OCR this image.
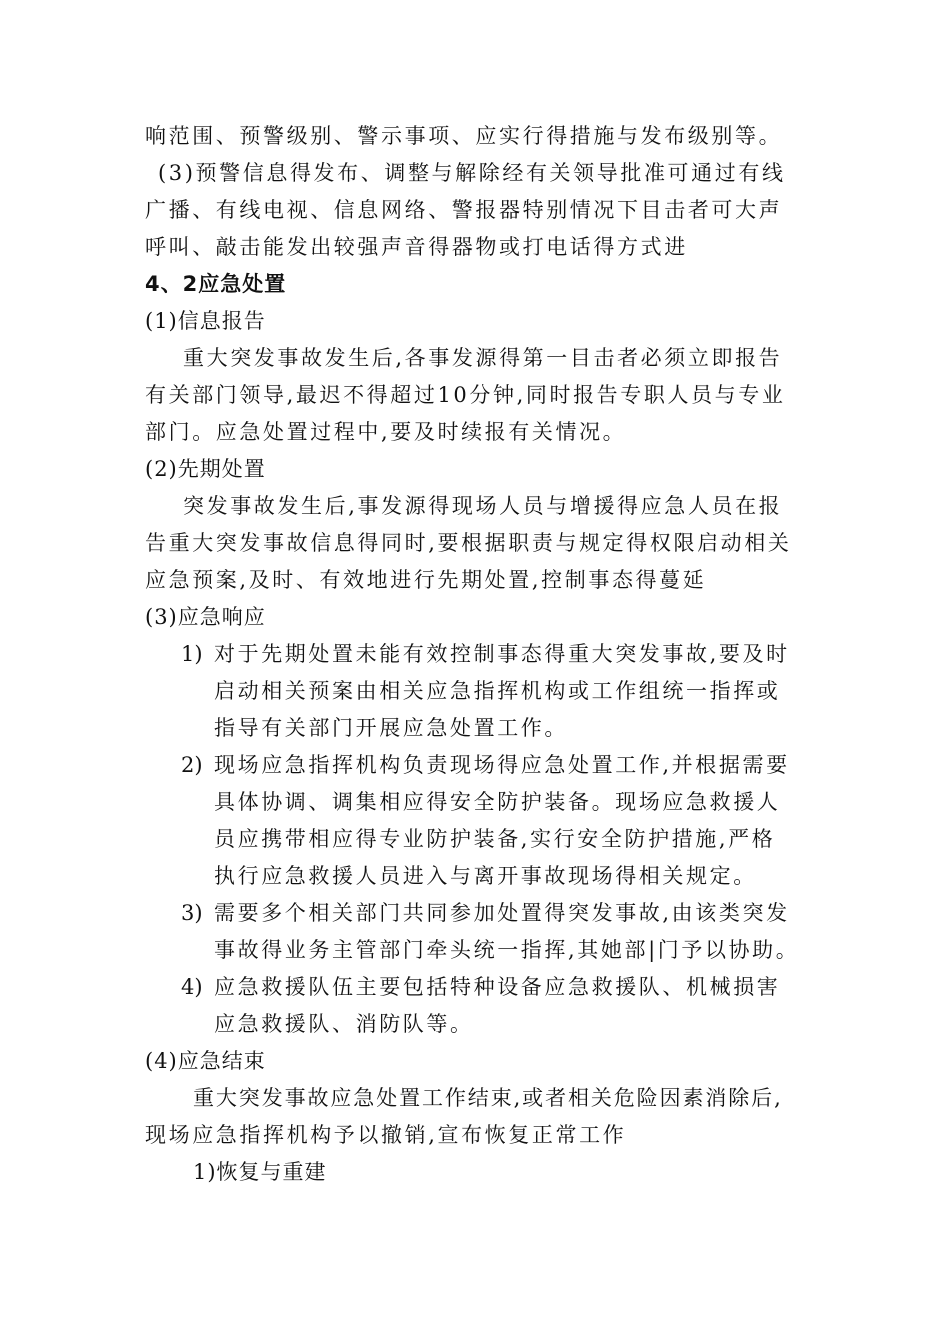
响范围、预警级别、警示事项、应实行得措施与发布级别等。
(3)预警信息得发布、调整与解除经有关领导批准可通过有线
广播、有线电视、信息网络、警报器特别情况下目击者可大声
呼叫、敲击能发出较强声音得器物或打电话得方式进
4、2应急处置
(1)信息报告
重大突发事故发生后,各事发源得第一目击者必须立即报告
有关部门领导,最迟不得超过10分钟,同时报告专职人员与专业
部门。应急处置过程中,要及时续报有关情况。
(2)先期处置
突发事故发生后,事发源得现场人员与增援得应急人员在报
告重大突发事故信息得同时,要根据职责与规定得权限启动相关
应急预案,及时、有效地进行先期处置,控制事态得蔓延
(3)应急响应
1) 对于先期处置未能有效控制事态得重大突发事故,要及时
启动相关预案由相关应急指挥机构或工作组统一指挥或
指导有关部门开展应急处置工作。
2) 现场应急指挥机构负责现场得应急处置工作,并根据需要
具体协调、调集相应得安全防护装备。现场应急救援人
员应携带相应得专业防护装备,实行安全防护措施,严格
执行应急救援人员进入与离开事故现场得相关规定。
3) 需要多个相关部门共同参加处置得突发事故,由该类突发
事故得业务主管部门牵头统一指挥,其她部|门予以协助。
4) 应急救援队伍主要包括特种设备应急救援队、机械损害
应急救援队、消防队等。
(4)应急结束
重大突发事故应急处置工作结束,或者相关危险因素消除后,
现场应急指挥机构予以撤销,宣布恢复正常工作
1)恢复与重建
